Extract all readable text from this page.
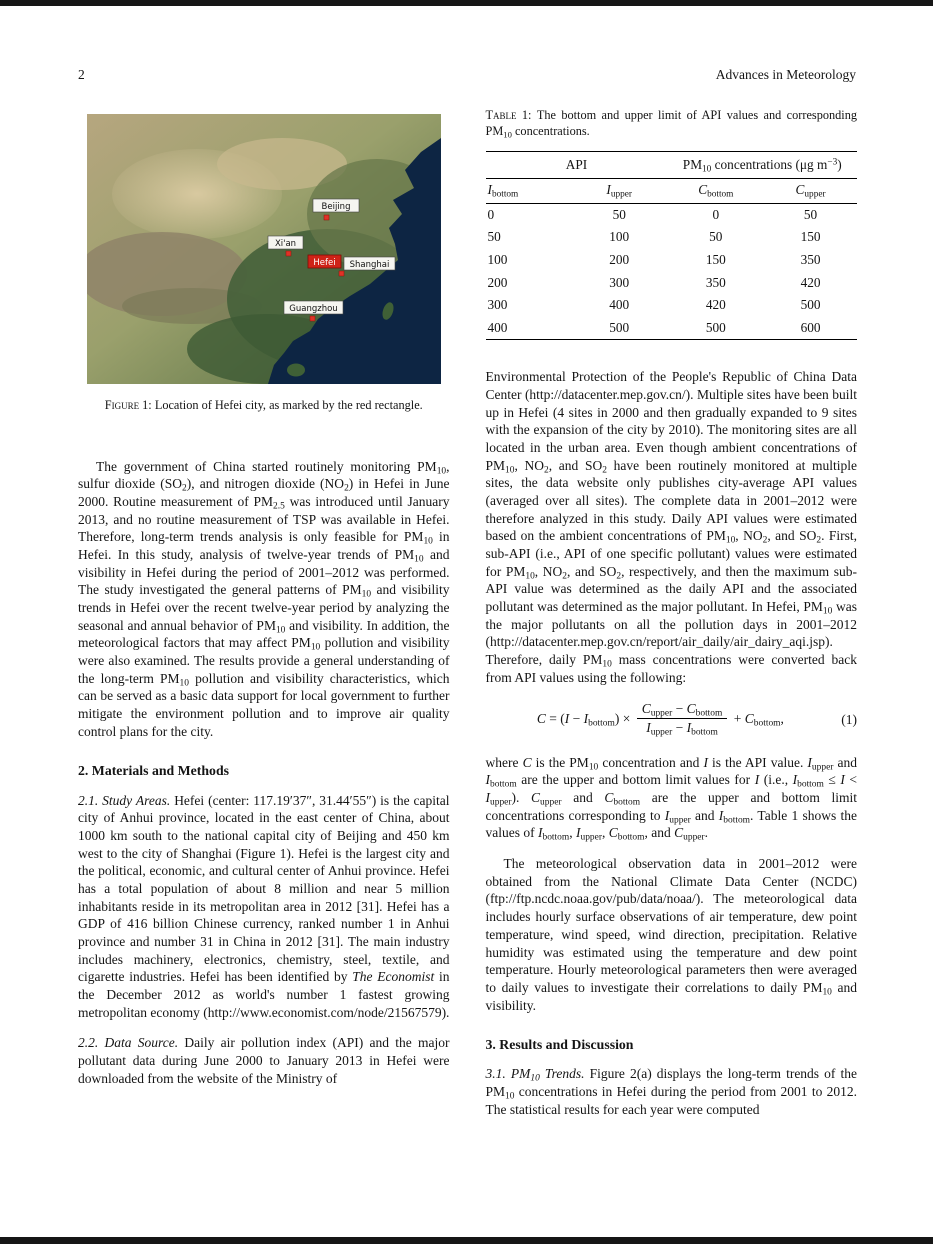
2	Advances in Meteorology
Beijing
Xi'an
Hefei Shanghai
Guangzhou
Figure 1: Location of Hefei city, as marked by the red rectangle.

The government of China started routinely monitoring $PM_{10}$, sulfur dioxide $(SO_2)$, and nitrogen dioxide $(NO_2)$ in Hefei in June 2000. Routine measurement of $PM_{2.5}$ was introduced until January 2013, and no routine measurement of TSP was available in Hefei. Therefore, long-term trends analysis is only feasible for $PM_{10}$ in Hefei. In this study, analysis of twelve-year trends of $PM_{10}$ and visibility in Hefei during the period of 2001–2012 was performed. The study investigated the general patterns of $PM_{10}$ and visibility trends in Hefei over the recent twelve-year period by analyzing the seasonal and annual behavior of $PM_{10}$ and visibility. In addition, the meteorological factors that may affect $PM_{10}$ pollution and visibility were also examined. The results provide a general understanding of the long-term $PM_{10}$ pollution and visibility characteristics, which can be served as a basic data support for local government to further mitigate the environment pollution and to improve air quality control plans for the city.

2. Materials and Methods

2.1. Study Areas. Hefei (center: 117.19′37″, 31.44′55″) is the capital city of Anhui province, located in the east center of China, about 1000 km south to the national capital city of Beijing and 450 km west to the city of Shanghai (Figure 1). Hefei is the largest city and the political, economic, and cultural center of Anhui province. Hefei has a total population of about 8 million and near 5 million inhabitants reside in its metropolitan area in 2012 [31]. Hefei has a GDP of 416 billion Chinese currency, ranked number 1 in Anhui province and number 31 in China in 2012 [31]. The main industry includes machinery, electronics, chemistry, steel, textile, and cigarette industries. Hefei has been identified by The Economist in the December 2012 as world's number 1 fastest growing metropolitan economy (http://www.economist.com/node/21567579).

2.2. Data Source. Daily air pollution index (API) and the major pollutant data during June 2000 to January 2013 in Hefei were downloaded from the website of the Ministry of

Table 1: The bottom and upper limit of API values and corresponding $PM_{10}$ concentrations.
API		$PM_{10}$ concentrations (μg $m^{-3}$)	
$I_{bottom}$	$I_{upper}$	$C_{bottom}$	$C_{upper}$
0	50	0	50
50	100	50	150
100	200	150	350
200	300	350	420
300	400	420	500
400	500	500	600

Environmental Protection of the People's Republic of China Data Center (http://datacenter.mep.gov.cn/). Multiple sites have been built up in Hefei (4 sites in 2000 and then gradually expanded to 9 sites with the expansion of the city by 2010). The monitoring sites are all located in the urban area. Even though ambient concentrations of $PM_{10}$, $NO_2$, and $SO_2$ have been routinely monitored at multiple sites, the data website only publishes city-average API values (averaged over all sites). The complete data in 2001–2012 were therefore analyzed in this study. Daily API values were estimated based on the ambient concentrations of $PM_{10}$, $NO_2$, and $SO_2$. First, sub-API (i.e., API of one specific pollutant) values were estimated for $PM_{10}$, $NO_2$, and $SO_2$, respectively, and then the maximum sub-API value was determined as the daily API and the associated pollutant was determined as the major pollutant. In Hefei, $PM_{10}$ was the major pollutants on all the pollution days in 2001–2012 (http://datacenter.mep.gov.cn/report/air_daily/air_dairy_aqi.jsp). Therefore, daily $PM_{10}$ mass concentrations were converted back from API values using the following:

$C = (I - I_{bottom}) \times \frac{C_{upper} - C_{bottom}}{I_{upper} - I_{bottom}} + C_{bottom}$,	(1)

where C is the $PM_{10}$ concentration and I is the API value. $I_{upper}$ and $I_{bottom}$ are the upper and bottom limit values for I (i.e., $I_{bottom} \le I < I_{upper}$). $C_{upper}$ and $C_{bottom}$ are the upper and bottom limit concentrations corresponding to $I_{upper}$ and $I_{bottom}$. Table 1 shows the values of $I_{bottom}$, $I_{upper}$, $C_{bottom}$, and $C_{upper}$.

The meteorological observation data in 2001–2012 were obtained from the National Climate Data Center (NCDC) (ftp://ftp.ncdc.noaa.gov/pub/data/noaa/). The meteorological data includes hourly surface observations of air temperature, dew point temperature, wind speed, wind direction, precipitation. Relative humidity was estimated using the temperature and dew point temperature. Hourly meteorological parameters then were averaged to daily values to investigate their correlations to daily $PM_{10}$ and visibility.

3. Results and Discussion

3.1. $PM_{10}$ Trends. Figure 2(a) displays the long-term trends of the $PM_{10}$ concentrations in Hefei during the period from 2001 to 2012. The statistical results for each year were computed
